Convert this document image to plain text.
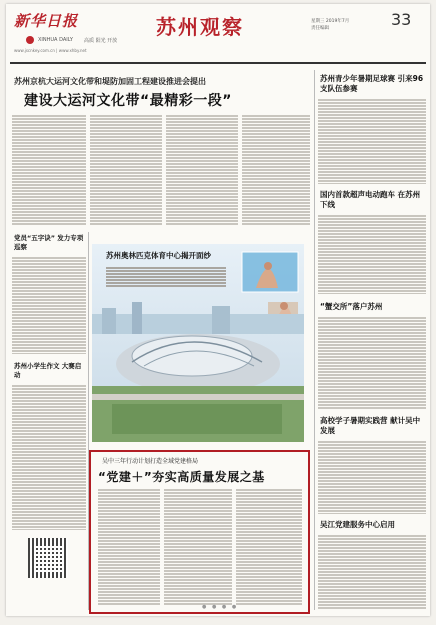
新华日报
XINHUA DAILY 高质 阳光 开放
www.jscnkey.com.cn | www.xhby.net
苏州观察	星期三 2019年7月
责任编辑	33
苏州京杭大运河文化带和堤防加固工程建设推进会提出
建设大运河文化带“最精彩一段”
党员“五字诀” 发力专项巡察
苏州小学生作文 大赛启动
苏州奥林匹克体育中心揭开面纱
吴中三年行动计划打造全域党建格局
“党建＋”夯实高质量发展之基
苏州青少年暑期足球赛 引来96支队伍参赛
国内首款超声电动跑车 在苏州下线
“蟹交所”落户苏州
高校学子暑期实践营 献计吴中发展
吴江党建服务中心启用
● ● ● ●
